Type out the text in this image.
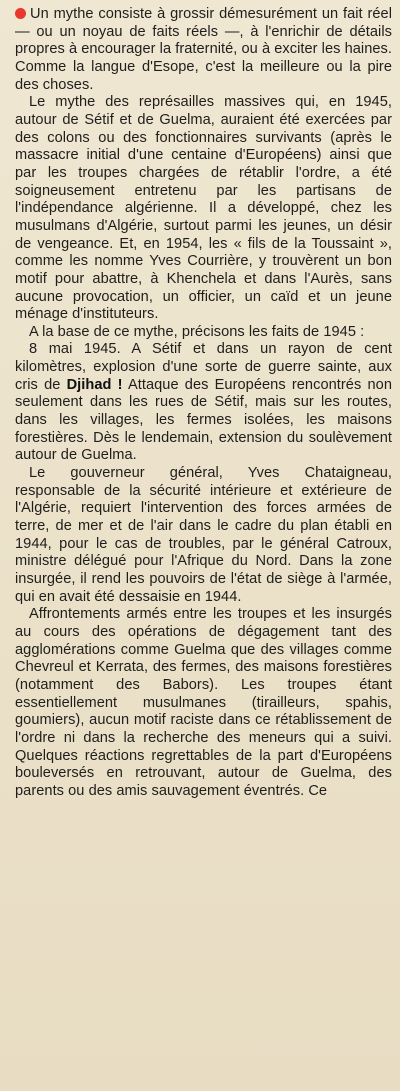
Un mythe consiste à grossir démesurément un fait réel — ou un noyau de faits réels —, à l'enrichir de détails propres à encourager la fraternité, ou à exciter les haines. Comme la langue d'Esope, c'est la meilleure ou la pire des choses.

Le mythe des représailles massives qui, en 1945, autour de Sétif et de Guelma, auraient été exercées par des colons ou des fonctionnaires survivants (après le massacre initial d'une centaine d'Européens) ainsi que par les troupes chargées de rétablir l'ordre, a été soigneusement entretenu par les partisans de l'indépendance algérienne. Il a développé, chez les musulmans d'Algérie, surtout parmi les jeunes, un désir de vengeance. Et, en 1954, les « fils de la Toussaint », comme les nomme Yves Courrière, y trouvèrent un bon motif pour abattre, à Khenchela et dans l'Aurès, sans aucune provocation, un officier, un caïd et un jeune ménage d'instituteurs.

A la base de ce mythe, précisons les faits de 1945 :

8 mai 1945. A Sétif et dans un rayon de cent kilomètres, explosion d'une sorte de guerre sainte, aux cris de Djihad ! Attaque des Européens rencontrés non seulement dans les rues de Sétif, mais sur les routes, dans les villages, les fermes isolées, les maisons forestières. Dès le lendemain, extension du soulèvement autour de Guelma.

Le gouverneur général, Yves Chataigneau, responsable de la sécurité intérieure et extérieure de l'Algérie, requiert l'intervention des forces armées de terre, de mer et de l'air dans le cadre du plan établi en 1944, pour le cas de troubles, par le général Catroux, ministre délégué pour l'Afrique du Nord. Dans la zone insurgée, il rend les pouvoirs de l'état de siège à l'armée, qui en avait été dessaisie en 1944.

Affrontements armés entre les troupes et les insurgés au cours des opérations de dégagement tant des agglomérations comme Guelma que des villages comme Chevreul et Kerrata, des fermes, des maisons forestières (notamment des Babors). Les troupes étant essentiellement musulmanes (tirailleurs, spahis, goumiers), aucun motif raciste dans ce rétablissement de l'ordre ni dans la recherche des meneurs qui a suivi. Quelques réactions regrettables de la part d'Européens bouleversés en retrouvant, autour de Guelma, des parents ou des amis sauvagement éventrés. Ce
